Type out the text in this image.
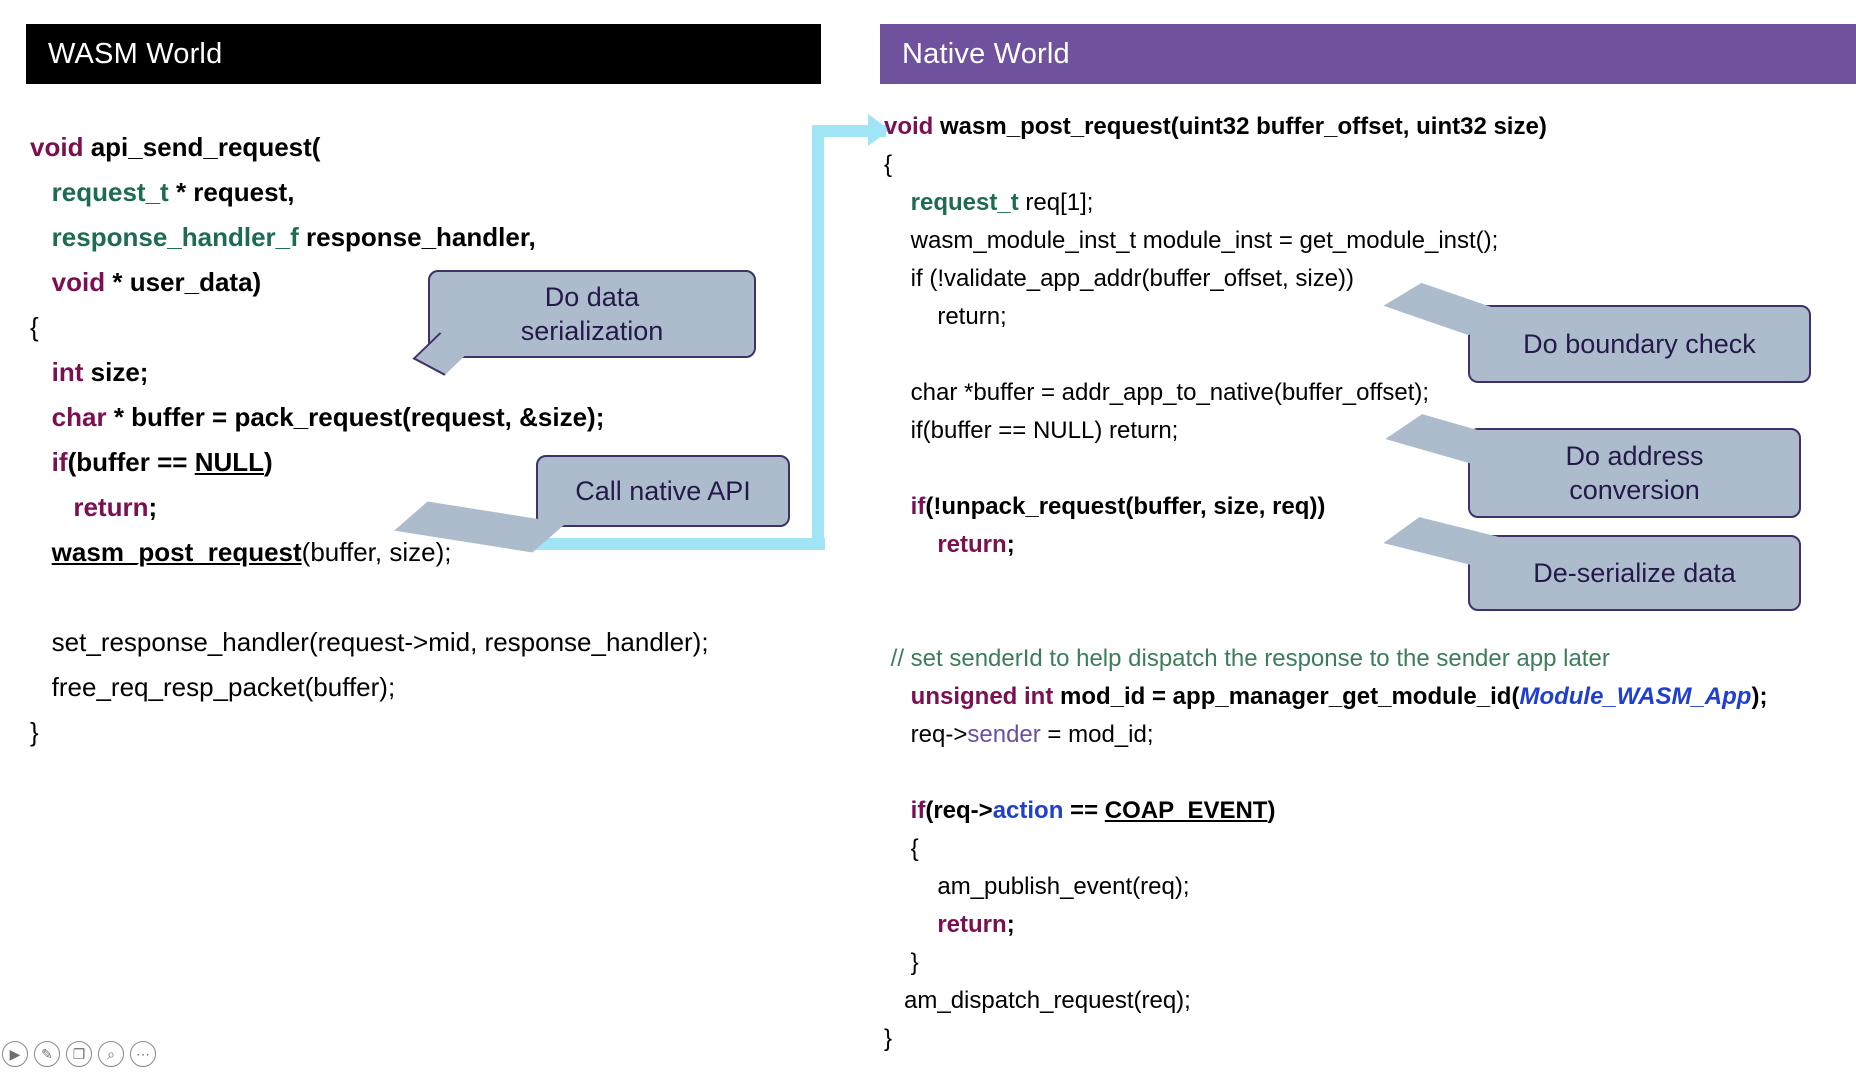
WASM World	Native World
void api_send_request(
request_t * request,
response_handler_f response_handler,
void * user_data)
{
int size;
char * buffer = pack_request(request, &size);
if(buffer == NULL)
return;
wasm_post_request(buffer, size);

set_response_handler(request->mid, response_handler);
free_req_resp_packet(buffer);
}
void wasm_post_request(uint32 buffer_offset, uint32 size)
{
request_t req[1];
wasm_module_inst_t module_inst = get_module_inst();
if (!validate_app_addr(buffer_offset, size))
return;

char *buffer = addr_app_to_native(buffer_offset);
if(buffer == NULL) return;

if(!unpack_request(buffer, size, req))
return;

// set senderId to help dispatch the response to the sender app later
unsigned int mod_id = app_manager_get_module_id(Module_WASM_App);
req->sender = mod_id;

if(req->action == COAP_EVENT)
{
am_publish_event(req);
return;
}
am_dispatch_request(req);
}
Do data
serialization
Call native API
Do boundary check
Do address
conversion
De-serialize data
▶ ✎ ❐ ⌕ ⋯
